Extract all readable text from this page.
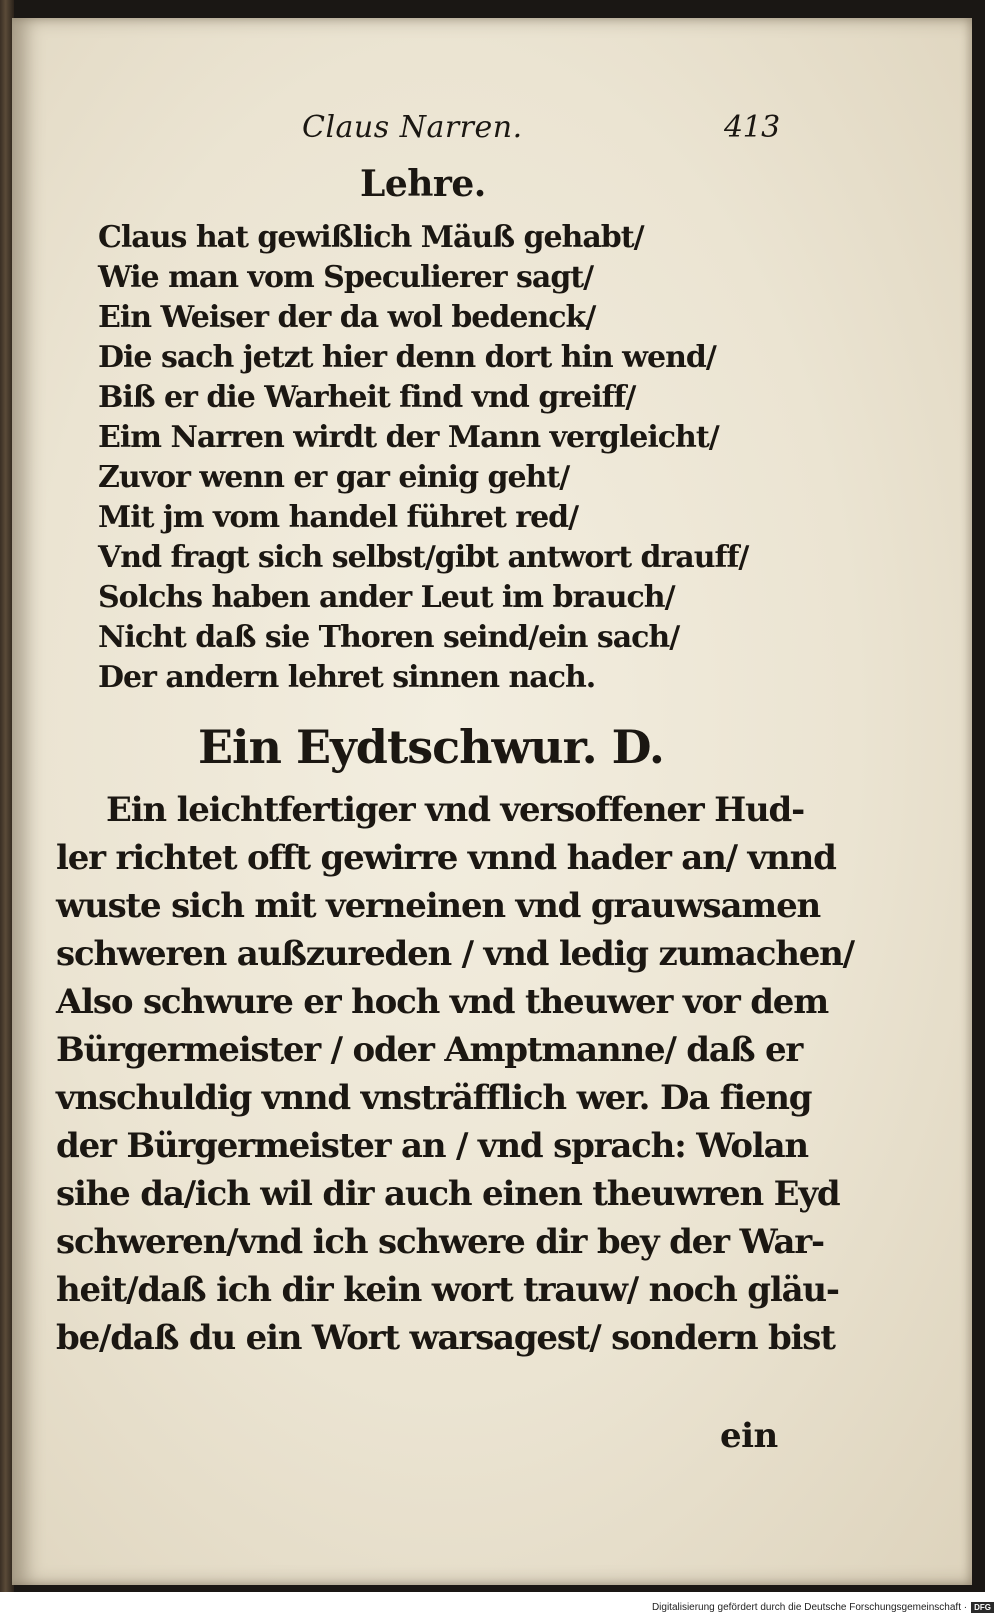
Claus Narren.	413
Lehre.
Claus hat gewißlich Mäuß gehabt/
Wie man vom Speculierer sagt/
Ein Weiser der da wol bedenck/
Die sach jetzt hier denn dort hin wend/
Biß er die Warheit find vnd greiff/
Eim Narren wirdt der Mann vergleicht/
Zuvor wenn er gar einig geht/
Mit jm vom handel führet red/
Vnd fragt sich selbst/gibt antwort drauff/
Solchs haben ander Leut im brauch/
Nicht daß sie Thoren seind/ein sach/
Der andern lehret sinnen nach.
Ein Eydtschwur. D.
Ein leichtfertiger vnd versoffener Hud-
ler richtet offt gewirre vnnd hader an/ vnnd
wuste sich mit verneinen vnd grauwsamen
schweren außzureden / vnd ledig zumachen/
Also schwure er hoch vnd theuwer vor dem
Bürgermeister / oder Amptmanne/ daß er
vnschuldig vnnd vnsträfflich wer. Da fieng
der Bürgermeister an / vnd sprach: Wolan
sihe da/ich wil dir auch einen theuwren Eyd
schweren/vnd ich schwere dir bey der War-
heit/daß ich dir kein wort trauw/ noch gläu-
be/daß du ein Wort warsagest/ sondern bist
ein
Digitalisierung gefördert durch die Deutsche Forschungsgemeinschaft · DFG
